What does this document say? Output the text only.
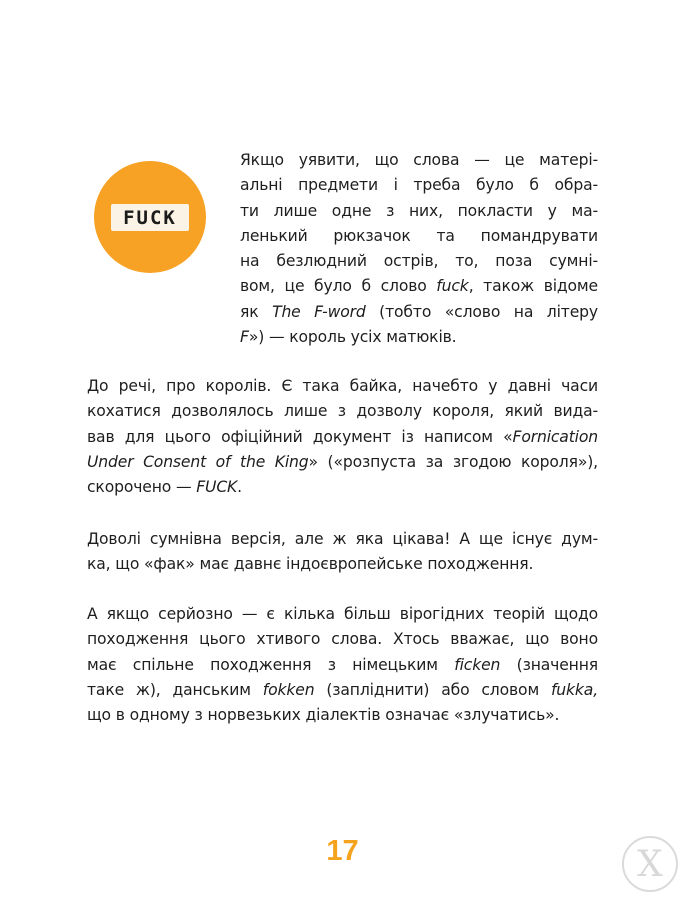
FUCK

Якщо уявити, що слова — це матері-
альні предмети і треба було б обра-
ти лише одне з них, покласти у ма-
ленький рюкзачок та помандрувати
на безлюдний острів, то, поза сумні-
вом, це було б слово fuck, також відоме
як The F-word (тобто «слово на літеру
F») — король усіх матюків.

До речі, про королів. Є така байка, начебто у давні часи
кохатися дозволялось лише з дозволу короля, який вида-
вав для цього офіційний документ із написом «Fornication
Under Consent of the King» («розпуста за згодою короля»),
скорочено — FUCK.

Доволі сумнівна версія, але ж яка цікава! А ще існує дум-
ка, що «фак» має давнє індоєвропейське походження.

А якщо серйозно — є кілька більш вірогідних теорій щодо
походження цього хтивого слова. Хтось вважає, що воно
має спільне походження з німецьким ficken (значення
таке ж), данським fokken (запліднити) або словом fukka,
що в одному з норвезьких діалектів означає «злучатись».

17	X
